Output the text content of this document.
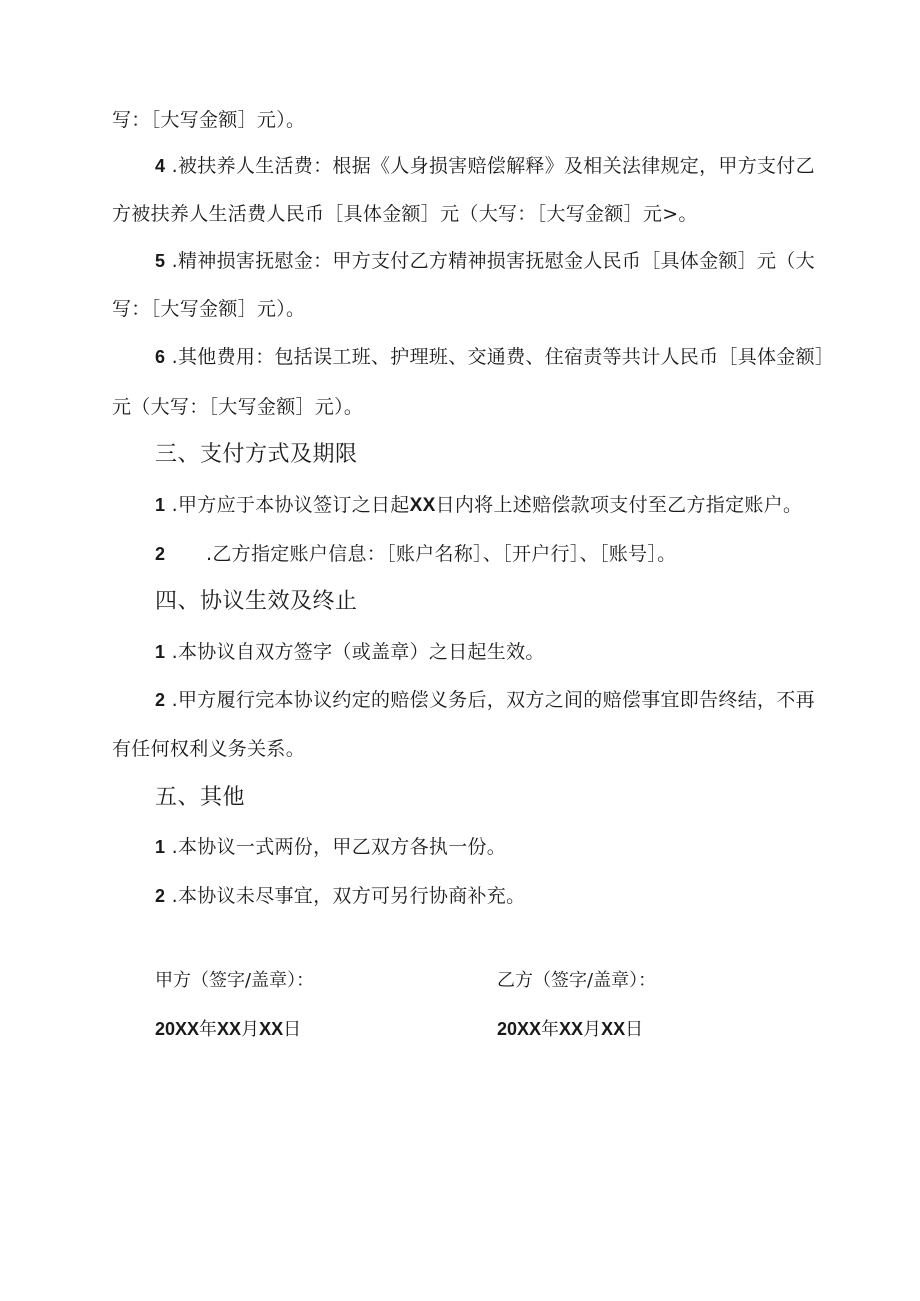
写：［大写金额］元）。
4 .被扶养人生活费：根据《人身损害赔偿解释》及相关法律规定，甲方支付乙
方被扶养人生活费人民币［具体金额］元（大写：［大写金额］元>。
5 .精神损害抚慰金：甲方支付乙方精神损害抚慰金人民币［具体金额］元（大
写：［大写金额］元）。
6 .其他费用：包括误工班、护理班、交通费、住宿责等共计人民币［具体金额］
元（大写：［大写金额］元）。
三、支付方式及期限
1 .甲方应于本协议签订之日起XX日内将上述赔偿款项支付至乙方指定账户。
2 .乙方指定账户信息：［账户名称］、［开户行］、［账号］。
四、协议生效及终止
1 .本协议自双方签字（或盖章）之日起生效。
2 .甲方履行完本协议约定的赔偿义务后，双方之间的赔偿事宜即告终结，不再
有任何权利义务关系。
五、其他
1 .本协议一式两份，甲乙双方各执一份。
2 .本协议未尽事宜，双方可另行协商补充。
甲方（签字/盖章）：	乙方（签字/盖章）：
20XX年XX月XX日	20XX年XX月XX日
